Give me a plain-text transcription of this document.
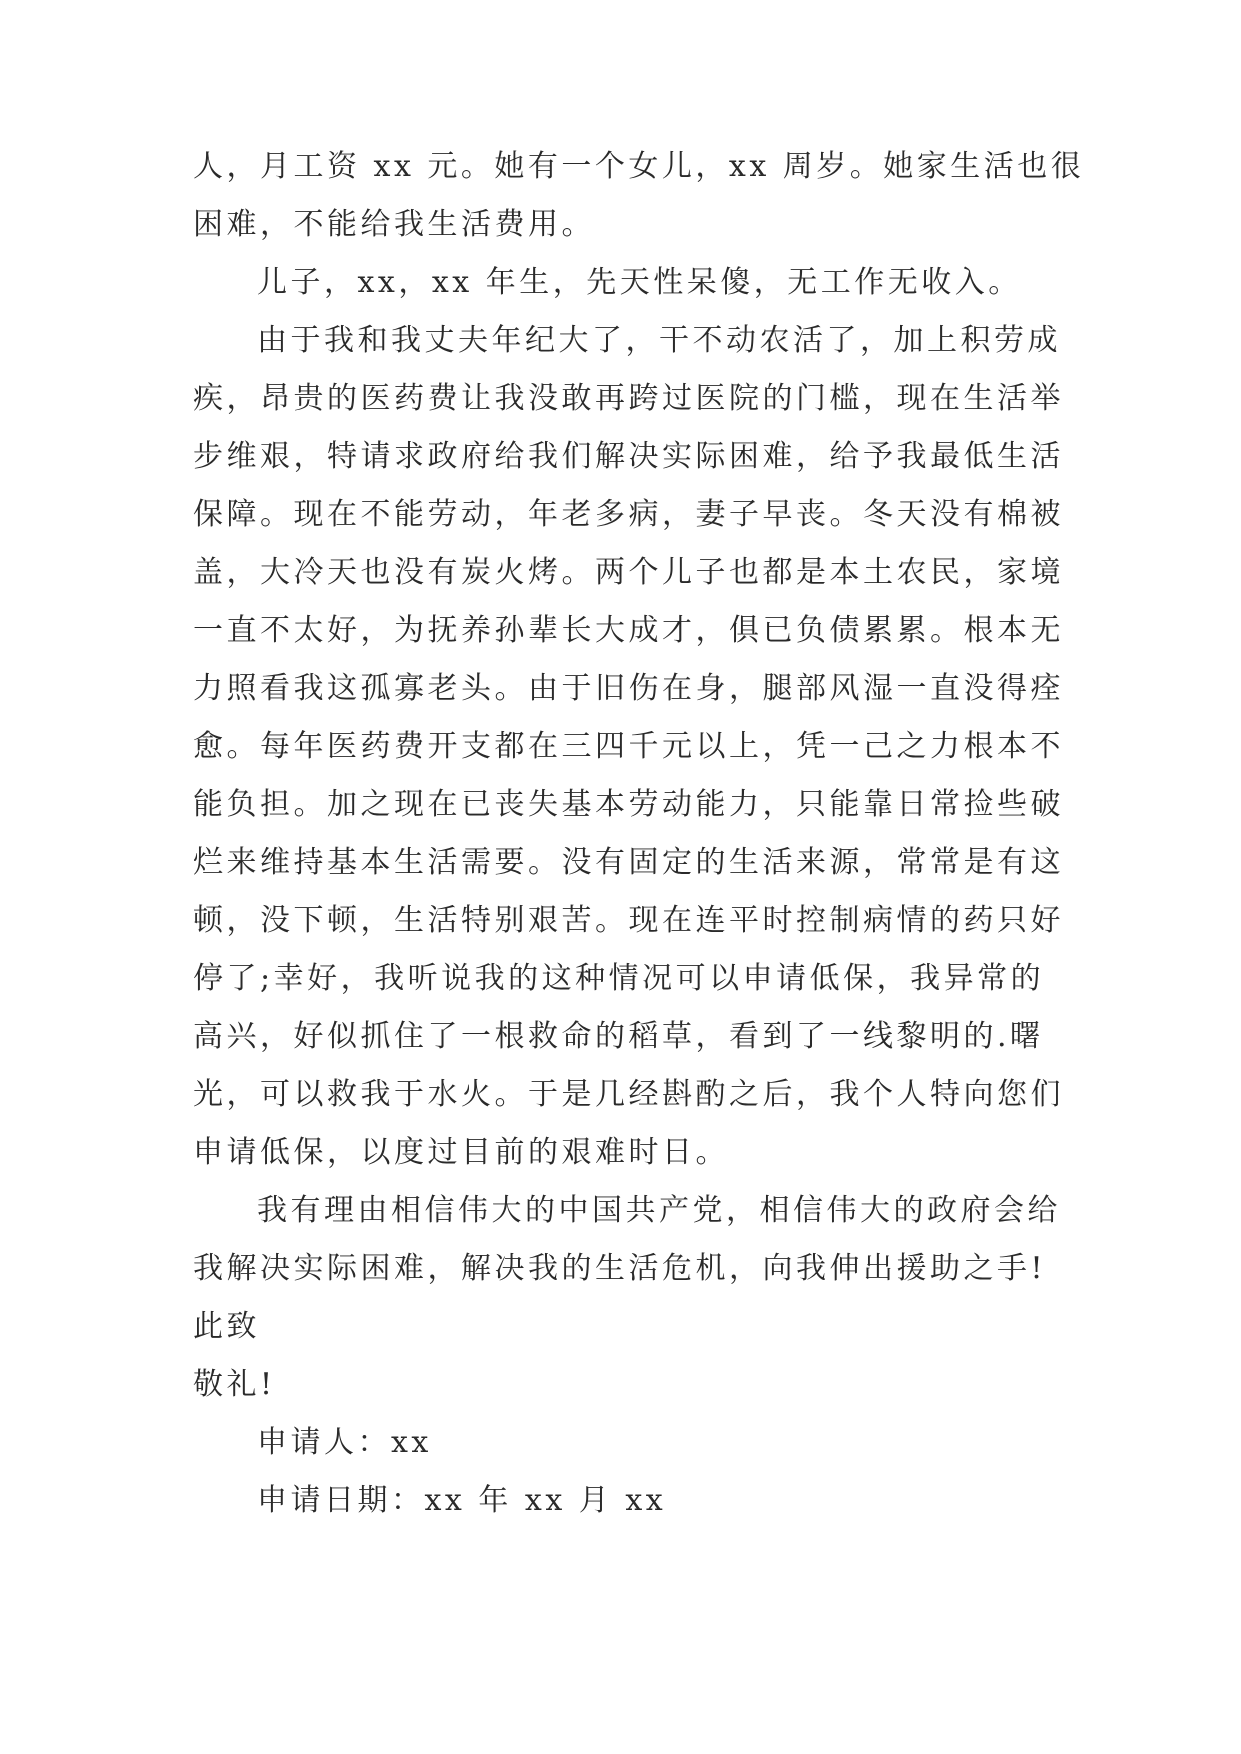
人，月工资 xx 元。她有一个女儿，xx 周岁。她家生活也很
困难，不能给我生活费用。
儿子，xx，xx 年生，先天性呆傻，无工作无收入。
由于我和我丈夫年纪大了，干不动农活了，加上积劳成
疾，昂贵的医药费让我没敢再跨过医院的门槛，现在生活举
步维艰，特请求政府给我们解决实际困难，给予我最低生活
保障。现在不能劳动，年老多病，妻子早丧。冬天没有棉被
盖，大冷天也没有炭火烤。两个儿子也都是本土农民，家境
一直不太好，为抚养孙辈长大成才，俱已负债累累。根本无
力照看我这孤寡老头。由于旧伤在身，腿部风湿一直没得痊
愈。每年医药费开支都在三四千元以上，凭一己之力根本不
能负担。加之现在已丧失基本劳动能力，只能靠日常捡些破
烂来维持基本生活需要。没有固定的生活来源，常常是有这
顿，没下顿，生活特别艰苦。现在连平时控制病情的药只好
停了;幸好，我听说我的这种情况可以申请低保，我异常的
高兴，好似抓住了一根救命的稻草，看到了一线黎明的.曙
光，可以救我于水火。于是几经斟酌之后，我个人特向您们
申请低保，以度过目前的艰难时日。
我有理由相信伟大的中国共产党，相信伟大的政府会给
我解决实际困难，解决我的生活危机，向我伸出援助之手!
此致
敬礼!
申请人：xx
申请日期：xx 年 xx 月 xx
